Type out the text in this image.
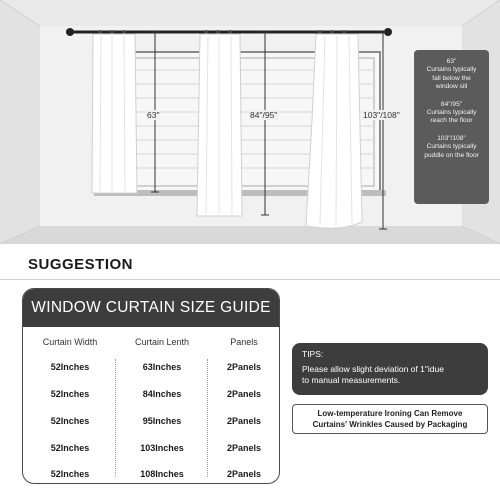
63"	84"/95"	103"/108"
63"
Curtains typically
fall below the
window sill
84"/95"
Curtains typically
reach the floor
103"/108"
Curtains typically
puddle on the floor
SUGGESTION
WINDOW CURTAIN SIZE GUIDE
Curtain Width	Curtain Lenth	Panels
52Inches	63Inches	2Panels
52Inches	84Inches	2Panels
52Inches	95Inches	2Panels
52Inches	103Inches	2Panels
52Inches	108Inches	2Panels
TIPS:
Please allow slight deviation of 1"idue
to manual measurements.
Low-temperature Ironing Can Remove
Curtains' Wrinkles Caused by Packaging
